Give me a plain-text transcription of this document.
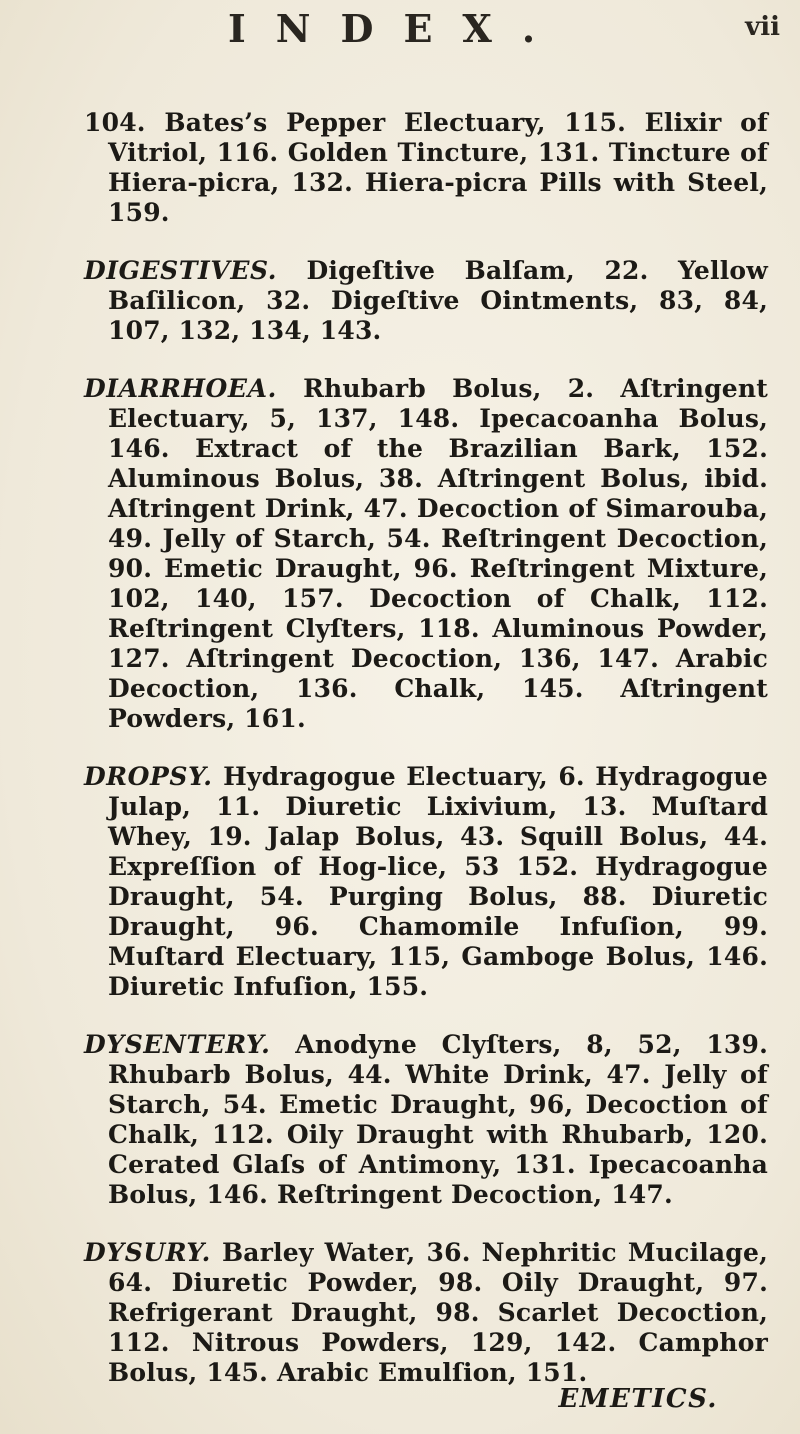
INDEX.	vii

104. Bates’s Pepper Electuary, 115. Elixir of Vitriol, 116. Golden Tincture, 131. Tincture of Hiera-picra, 132. Hiera-picra Pills with Steel, 159.

DIGESTIVES. Digeſtive Balſam, 22. Yellow Baſilicon, 32. Digeſtive Ointments, 83, 84, 107, 132, 134, 143.

DIARRHOEA. Rhubarb Bolus, 2. Aſtringent Electuary, 5, 137, 148. Ipecacoanha Bolus, 146. Extract of the Brazilian Bark, 152. Aluminous Bolus, 38. Aſtringent Bolus, ibid. Aſtringent Drink, 47. Decoction of Simarouba, 49. Jelly of Starch, 54. Reſtringent Decoction, 90. Emetic Draught, 96. Reſtringent Mixture, 102, 140, 157. Decoction of Chalk, 112. Reſtringent Clyſters, 118. Aluminous Powder, 127. Aſtringent Decoction, 136, 147. Arabic Decoction, 136. Chalk, 145. Aſtringent Powders, 161.

DROPSY. Hydragogue Electuary, 6. Hydragogue Julap, 11. Diuretic Lixivium, 13. Muſtard Whey, 19. Jalap Bolus, 43. Squill Bolus, 44. Expreſſion of Hog-lice, 53 152. Hydragogue Draught, 54. Purging Bolus, 88. Diuretic Draught, 96. Chamomile Infuſion, 99. Muſtard Electuary, 115, Gamboge Bolus, 146. Diuretic Infuſion, 155.

DYSENTERY. Anodyne Clyſters, 8, 52, 139. Rhubarb Bolus, 44. White Drink, 47. Jelly of Starch, 54. Emetic Draught, 96, Decoction of Chalk, 112. Oily Draught with Rhubarb, 120. Cerated Glaſs of Antimony, 131. Ipecacoanha Bolus, 146. Reſtringent Decoction, 147.

DYSURY. Barley Water, 36. Nephritic Mucilage, 64. Diuretic Powder, 98. Oily Draught, 97. Refrigerant Draught, 98. Scarlet Decoction, 112. Nitrous Powders, 129, 142. Camphor Bolus, 145. Arabic Emulſion, 151.

EMETICS.
